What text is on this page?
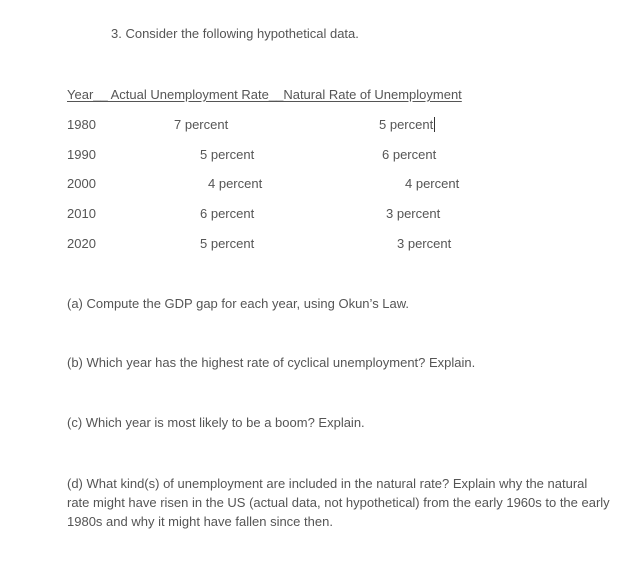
3. Consider the following hypothetical data.
Year__ Actual Unemployment Rate__Natural Rate of Unemployment
1980	7 percent	5 percent
1990	5 percent	6 percent
2000	4 percent	4 percent
2010	6 percent	3 percent
2020	5 percent	3 percent
(a) Compute the GDP gap for each year, using Okun’s Law.
(b) Which year has the highest rate of cyclical unemployment? Explain.
(c) Which year is most likely to be a boom? Explain.
(d) What kind(s) of unemployment are included in the natural rate? Explain why the natural rate might have risen in the US (actual data, not hypothetical) from the early 1960s to the early 1980s and why it might have fallen since then.
